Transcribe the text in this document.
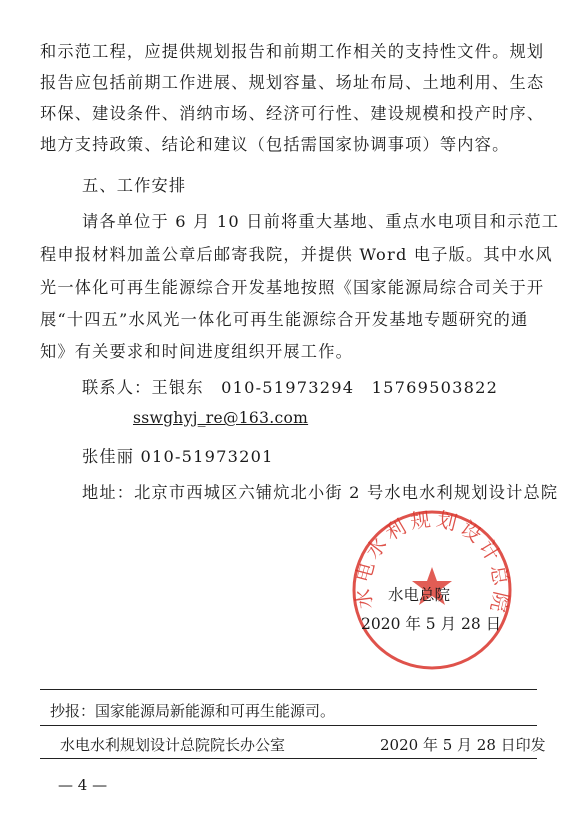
和示范工程，应提供规划报告和前期工作相关的支持性文件。规划
报告应包括前期工作进展、规划容量、场址布局、土地利用、生态
环保、建设条件、消纳市场、经济可行性、建设规模和投产时序、
地方支持政策、结论和建议（包括需国家协调事项）等内容。
五、工作安排
请各单位于 6 月 10 日前将重大基地、重点水电项目和示范工
程申报材料加盖公章后邮寄我院，并提供 Word 电子版。其中水风
光一体化可再生能源综合开发基地按照《国家能源局综合司关于开
展“十四五”水风光一体化可再生能源综合开发基地专题研究的通
知》有关要求和时间进度组织开展工作。
联系人：王银东　010-51973294　15769503822
sswghyj_re@163.com
张佳丽 010-51973201
地址：北京市西城区六铺炕北小街 2 号水电水利规划设计总院
水电水利规划设计总院
水电总院
2020 年 5 月 28 日
抄报：国家能源局新能源和可再生能源司。
水电水利规划设计总院院长办公室	2020 年 5 月 28 日印发
— 4 —
